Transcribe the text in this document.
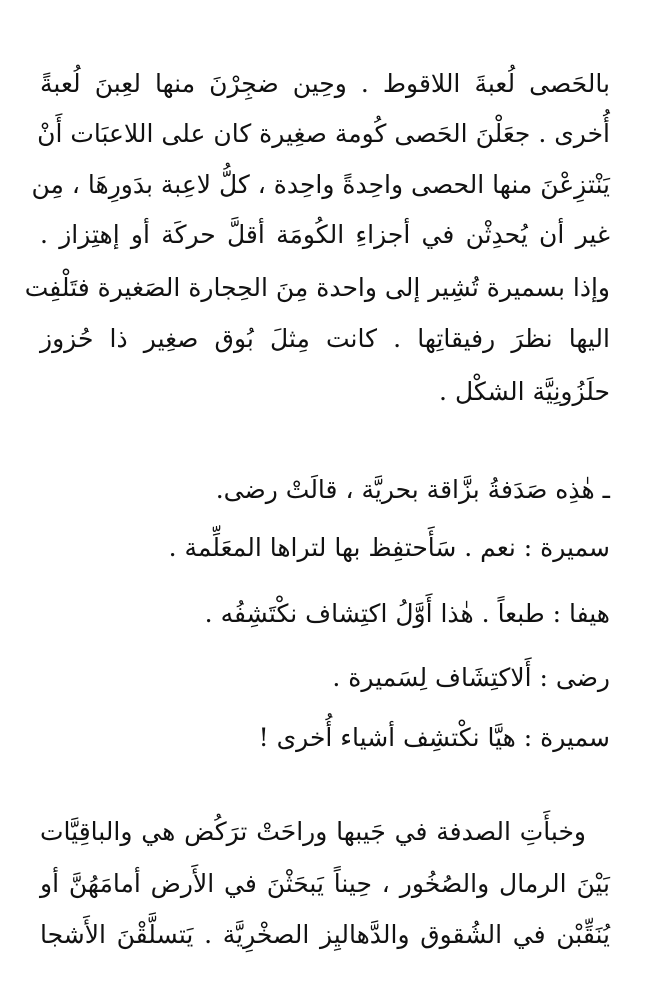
بالحَصى لُعبةَ اللاقوط . وحِين ضجِرْنَ منها لعِبنَ لُعبةً
أُخرى . جعَلْنَ الحَصى كُومة صغِيرة كان على اللاعبَات أَنْ
يَنْتزِعْنَ منها الحصى واحِدةً واحِدة ، كلُّ لاعِبة بدَورِهَا ، مِن
غير أن يُحدِثْن في أجزاءِ الكُومَة أقلَّ حركَة أو إهتِزاز .
وإذا بسميرة تُشِير إلى واحدة مِنَ الحِجارة الصَغيرة فتَلْفِت
اليها نظرَ رفيقاتِها . كانت مِثلَ بُوق صغِير ذا حُزوز
حلَزُونِيَّة الشكْل .
ـ هٰذِه صَدَفةُ بزَّاقة بحريَّة ، قالَتْ رضى.
سميرة : نعم . سَأَحتفِظ بها لتراها المعَلِّمة .
هيفا : طبعاً . هٰذا أَوَّلُ اكتِشاف نكْتَشِفُه .
رضى : أَلاكتِشَاف لِسَميرة .
سميرة : هيَّا نكْتشِف أشياء أُخرى !
وخبأَتِ الصدفة في جَيبها وراحَتْ ترَكُض هي والباقِيَّات
بَيْنَ الرمال والصُخُور ، حِيناً يَبحَثْنَ في الأَرض أمامَهُنَّ أو
يُنَقِّبْن في الشُقوق والدَّهاليِز الصخْرِيَّة . يَتسلَّقْنَ الأَشجا
